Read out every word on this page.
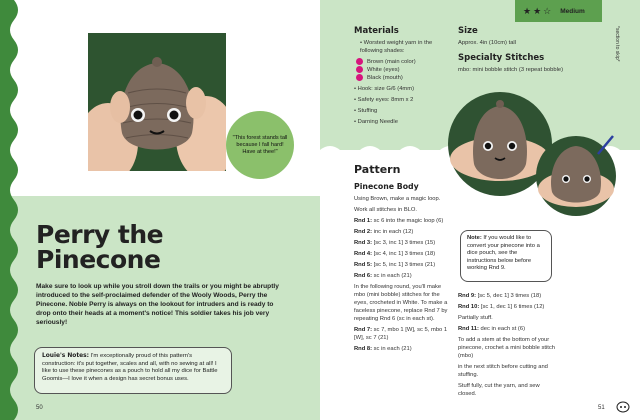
"This forest stands tall because I fall hard! Have at thee!"
Perry the
Pinecone

Make sure to look up while you stroll down the trails or you might be abruptly introduced to the self-proclaimed defender of the Wooly Woods, Perry the Pinecone. Noble Perry is always on the lookout for intruders and is ready to drop onto their heads at a moment's notice! This soldier takes his job very seriously!

Louie's Notes: I'm exceptionally proud of this pattern's construction: it's put together, scales and all, with no sewing at all! I like to use these pinecones as a pouch to hold all my dice for Battle Goomis—I love it when a design has secret bonus uses.
50
★ ★ ☆ Medium
*section to skip*
Materials
• Worsted weight yarn in the following shades:
Brown (main color)
White (eyes)
Black (mouth)
• Hook: size G/6 (4mm)
• Safety eyes: 8mm x 2
• Stuffing
• Darning Needle
Size
Approx. 4in (10cm) tall
Specialty Stitches
mbo: mini bobble stitch (3 repeat bobble)
Pattern
Pinecone Body
Using Brown, make a magic loop.
Work all stitches in BLO.
Rnd 1: sc 6 into the magic loop (6)
Rnd 2: inc in each (12)
Rnd 3: [sc 3, inc 1] 3 times (15)
Rnd 4: [sc 4, inc 1] 3 times (18)
Rnd 5: [sc 5, inc 1] 3 times (21)
Rnd 6: sc in each (21)
In the following round, you'll make mbo (mini bobble) stitches for the eyes, crocheted in White. To make a faceless pinecone, replace Rnd 7 by repeating Rnd 6 (sc in each st).
Rnd 7: sc 7, mbo 1 [W], sc 5, mbo 1 [W], sc 7 (21)
Rnd 8: sc in each (21)
Note: If you would like to convert your pinecone into a dice pouch, see the instructions below before working Rnd 9.
Rnd 9: [sc 5, dec 1] 3 times (18)
Rnd 10: [sc 1, dec 1] 6 times (12)
Partially stuff.
Rnd 11: dec in each st (6)
To add a stem at the bottom of your pinecone, crochet a mini bobble stitch (mbo)
in the next stitch before cutting and stuffing.
Stuff fully, cut the yarn, and sew closed.
51
